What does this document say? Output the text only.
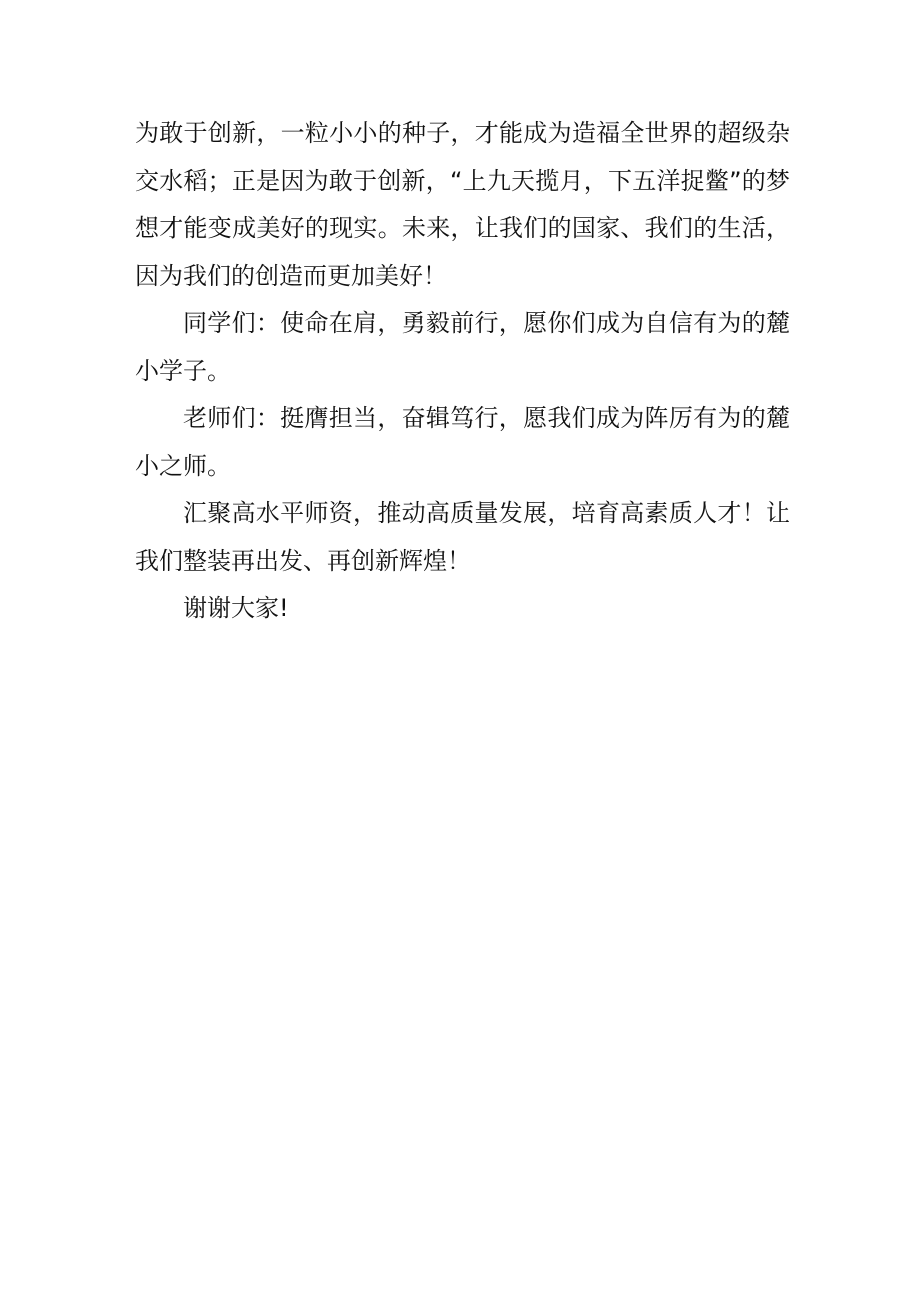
为敢于创新，一粒小小的种子，才能成为造福全世界的超级杂交水稻；正是因为敢于创新，“上九天揽月，下五洋捉鳖”的梦想才能变成美好的现实。未来，让我们的国家、我们的生活，因为我们的创造而更加美好！

同学们：使命在肩，勇毅前行，愿你们成为自信有为的麓小学子。

老师们：挺膺担当，奋辑笃行，愿我们成为阵厉有为的麓小之师。

汇聚高水平师资，推动高质量发展，培育高素质人才！让我们整装再出发、再创新辉煌！

谢谢大家!
